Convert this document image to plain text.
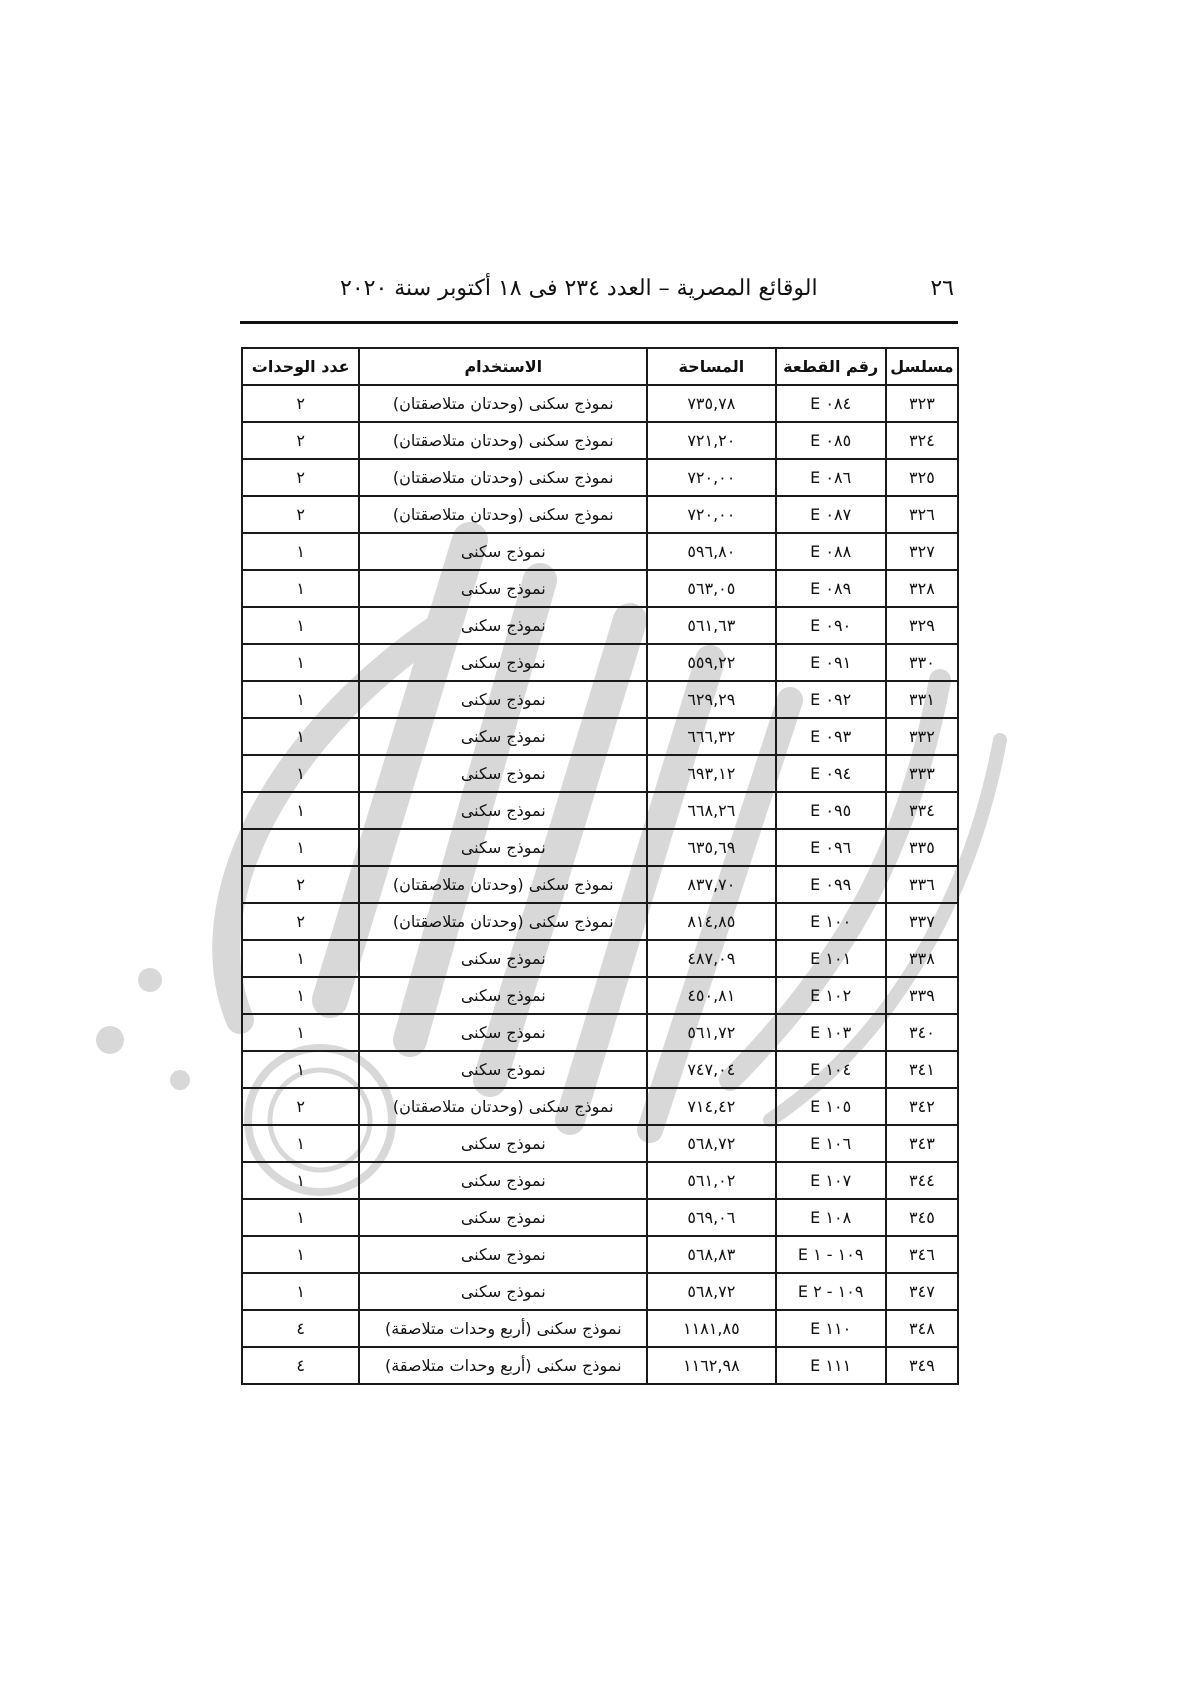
٢٦
الوقائع المصرية – العدد ٢٣٤ فى ١٨ أكتوبر سنة ٢٠٢٠
مسلسل	رقم القطعة	المساحة	الاستخدام	عدد الوحدات
٣٢٣	E ٠٨٤	٧٣٥,٧٨	نموذج سكنى (وحدتان متلاصقتان)	٢
٣٢٤	E ٠٨٥	٧٢١,٢٠	نموذج سكنى (وحدتان متلاصقتان)	٢
٣٢٥	E ٠٨٦	٧٢٠,٠٠	نموذج سكنى (وحدتان متلاصقتان)	٢
٣٢٦	E ٠٨٧	٧٢٠,٠٠	نموذج سكنى (وحدتان متلاصقتان)	٢
٣٢٧	E ٠٨٨	٥٩٦,٨٠	نموذج سكنى	١
٣٢٨	E ٠٨٩	٥٦٣,٠٥	نموذج سكنى	١
٣٢٩	E ٠٩٠	٥٦١,٦٣	نموذج سكنى	١
٣٣٠	E ٠٩١	٥٥٩,٢٢	نموذج سكنى	١
٣٣١	E ٠٩٢	٦٢٩,٢٩	نموذج سكنى	١
٣٣٢	E ٠٩٣	٦٦٦,٣٢	نموذج سكنى	١
٣٣٣	E ٠٩٤	٦٩٣,١٢	نموذج سكنى	١
٣٣٤	E ٠٩٥	٦٦٨,٢٦	نموذج سكنى	١
٣٣٥	E ٠٩٦	٦٣٥,٦٩	نموذج سكنى	١
٣٣٦	E ٠٩٩	٨٣٧,٧٠	نموذج سكنى (وحدتان متلاصقتان)	٢
٣٣٧	E ١٠٠	٨١٤,٨٥	نموذج سكنى (وحدتان متلاصقتان)	٢
٣٣٨	E ١٠١	٤٨٧,٠٩	نموذج سكنى	١
٣٣٩	E ١٠٢	٤٥٠,٨١	نموذج سكنى	١
٣٤٠	E ١٠٣	٥٦١,٧٢	نموذج سكنى	١
٣٤١	E ١٠٤	٧٤٧,٠٤	نموذج سكنى	١
٣٤٢	E ١٠٥	٧١٤,٤٢	نموذج سكنى (وحدتان متلاصقتان)	٢
٣٤٣	E ١٠٦	٥٦٨,٧٢	نموذج سكنى	١
٣٤٤	E ١٠٧	٥٦١,٠٢	نموذج سكنى	١
٣٤٥	E ١٠٨	٥٦٩,٠٦	نموذج سكنى	١
٣٤٦	E ١٠٩ - ١	٥٦٨,٨٣	نموذج سكنى	١
٣٤٧	E ١٠٩ - ٢	٥٦٨,٧٢	نموذج سكنى	١
٣٤٨	E ١١٠	١١٨١,٨٥	نموذج سكنى (أربع وحدات متلاصقة)	٤
٣٤٩	E ١١١	١١٦٢,٩٨	نموذج سكنى (أربع وحدات متلاصقة)	٤
